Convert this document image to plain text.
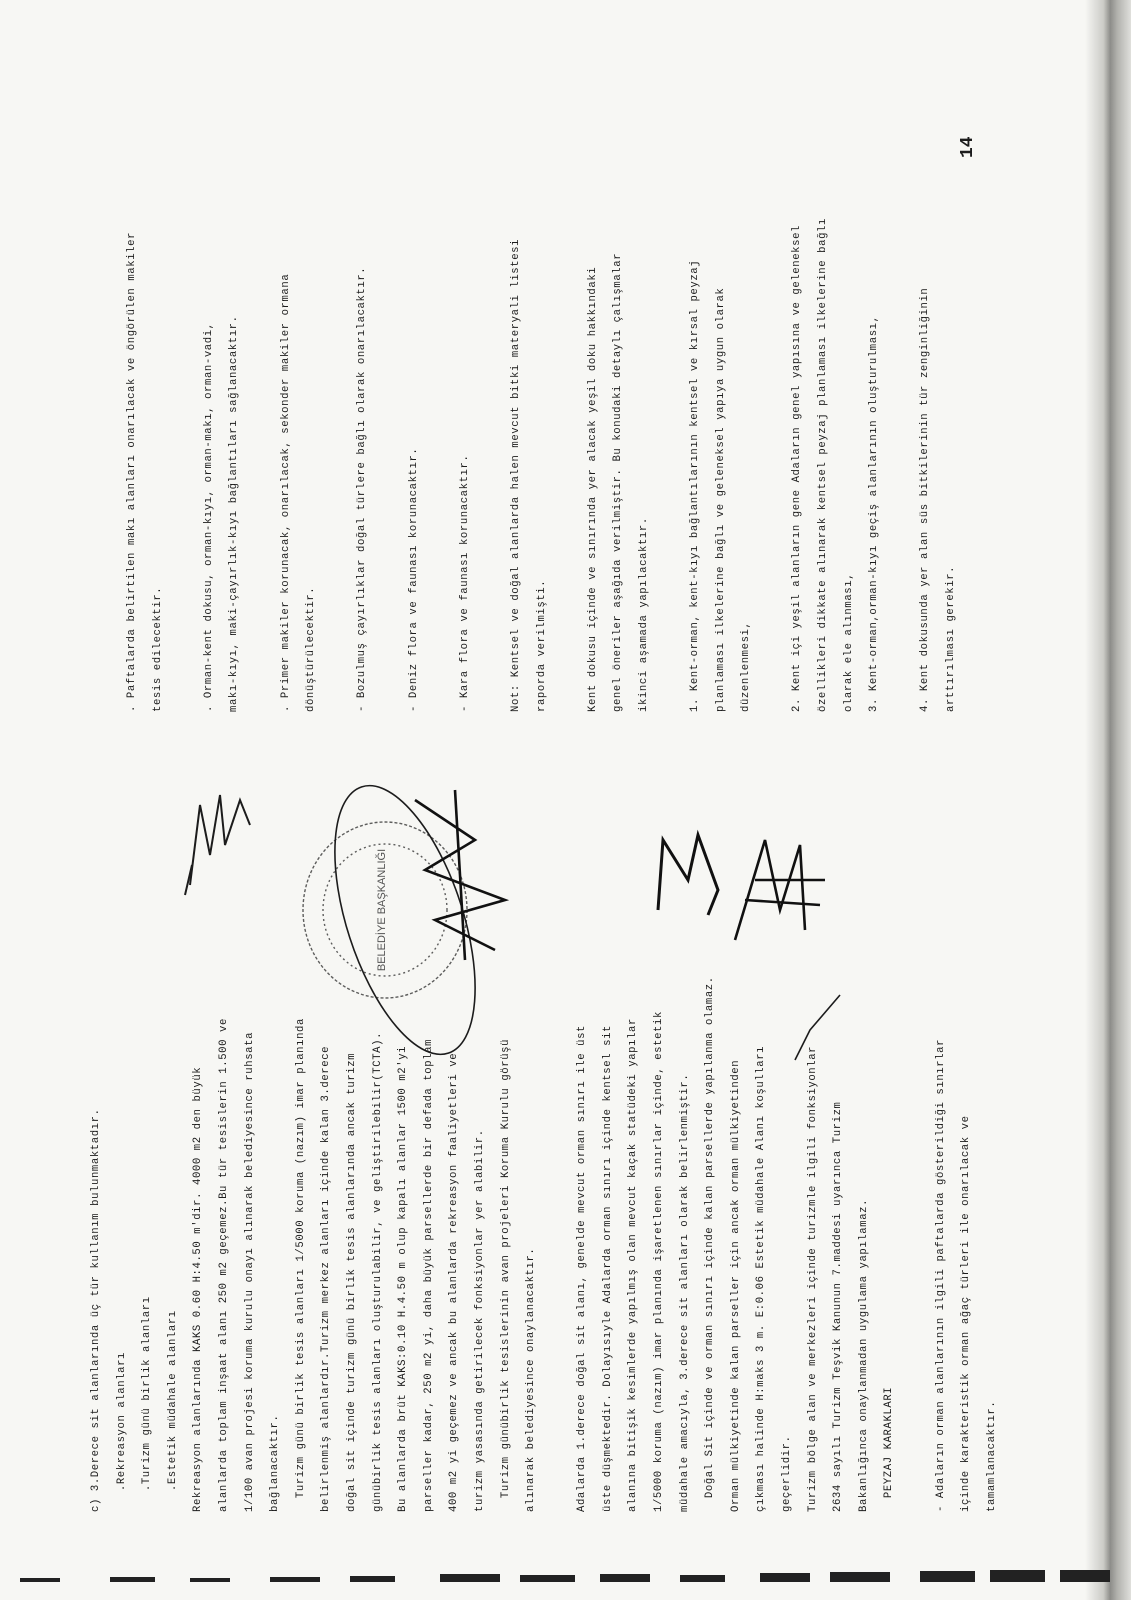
c) 3.Derece sit alanlarında üç tür kullanım bulunmaktadır.	.Rekreasyon alanları	.Turizm günü birlik alanları	.Estetik müdahale alanları	Rekreasyon alanlarında KAKS 0.60 H:4.50 m'dir. 4000 m2 den büyük	alanlarda toplam inşaat alanı 250 m2 geçemez.Bu tür tesislerin 1.500 ve	1/100 avan projesi koruma kurulu onayı alınarak belediyesince ruhsata	bağlanacaktır.	Turizm günü birlik tesis alanları 1/5000 koruma (nazım) imar planında	belirlenmiş alanlardır.Turizm merkez alanları içinde kalan 3.derece	doğal sit içinde turizm günü birlik tesis alanlarında ancak turizm	günübirlik tesis alanları oluşturulabilir, ve geliştirilebilir(TCTA).	Bu alanlarda brüt KAKS:0.10 H.4.50 m olup kapalı alanlar 1500 m2'yi	parseller kadar, 250 m2 yi, daha büyük parsellerde bir defada toplam	400 m2 yi geçemez ve ancak bu alanlarda rekreasyon faaliyetleri ve	turizm yasasında getirilecek fonksiyonlar yer alabilir.	Turizm günübirlik tesislerinin avan projeleri Koruma Kurulu görüşü	alınarak belediyesince onaylanacaktır.	Adalarda 1.derece doğal sit alanı, genelde mevcut orman sınırı ile üst	üste düşmektedir. Dolayısıyle Adalarda orman sınırı içinde kentsel sit	alanına bitişik kesimlerde yapılmış olan mevcut kaçak statüdeki yapılar	1/5000 koruma (nazım) imar planında işaretlenen sınırlar içinde, estetik	müdahale amacıyla, 3.derece sit alanları olarak belirlenmiştir.	Doğal Sit içinde ve orman sınırı içinde kalan parsellerde yapılanma olamaz.	Orman mülkiyetinde kalan parseller için ancak orman mülkiyetinden	çıkması halinde H:maks 3 m. E:0.06 Estetik müdahale Alanı koşulları	geçerlidir.	Turizm bölge alan ve merkezleri içinde turizmle ilgili fonksiyonlar	2634 sayılı Turizm Teşvik Kanunun 7.maddesi uyarınca Turizm	Bakanlığınca onaylanmadan uygulama yapılamaz.	PEYZAJ KARAKLARI	- Adaların orman alanlarının ilgili paftalarda gösterildiği sınırlar	içinde karakteristik orman ağaç türleri ile onarılacak ve	tamamlanacaktır.
. Paftalarda belirtilen makı alanları onarılacak ve öngörülen makiler	tesis edilecektir.	. Orman-kent dokusu, orman-kıyı, orman-makı, orman-vadi,	makı-kıyı, maki-çayırlık-kıyı bağlantıları sağlanacaktır.	. Primer makiler korunacak, onarılacak, sekonder makiler ormana	dönüştürülecektir.	- Bozulmuş çayırlıklar doğal türlere bağlı olarak onarılacaktır.	- Deniz flora ve faunası korunacaktır.	- Kara flora ve faunası korunacaktır.	Not: Kentsel ve doğal alanlarda halen mevcut bitki materyali listesi	raporda verilmişti.	Kent dokusu içinde ve sınırında yer alacak yeşil doku hakkındaki	genel öneriler aşağıda verilmiştir. Bu konudaki detaylı çalışmalar	ikinci aşamada yapılacaktır.	1. Kent-orman, kent-kıyı bağlantılarının kentsel ve kırsal peyzaj	planlaması ilkelerine bağlı ve geleneksel yapıya uygun olarak	düzenlenmesi,	2. Kent içi yeşil alanların gene Adaların genel yapısına ve geleneksel	özellikleri dikkate alınarak kentsel peyzaj planlaması ilkelerine bağlı	olarak ele alınması,	3. Kent-orman,orman-kıyı geçiş alanlarının oluşturulması,	4. Kent dokusunda yer alan süs bitkilerinin tür zenginliğinin	arttırılması gerekir.
14
BELEDİYE BAŞKANLIĞI
